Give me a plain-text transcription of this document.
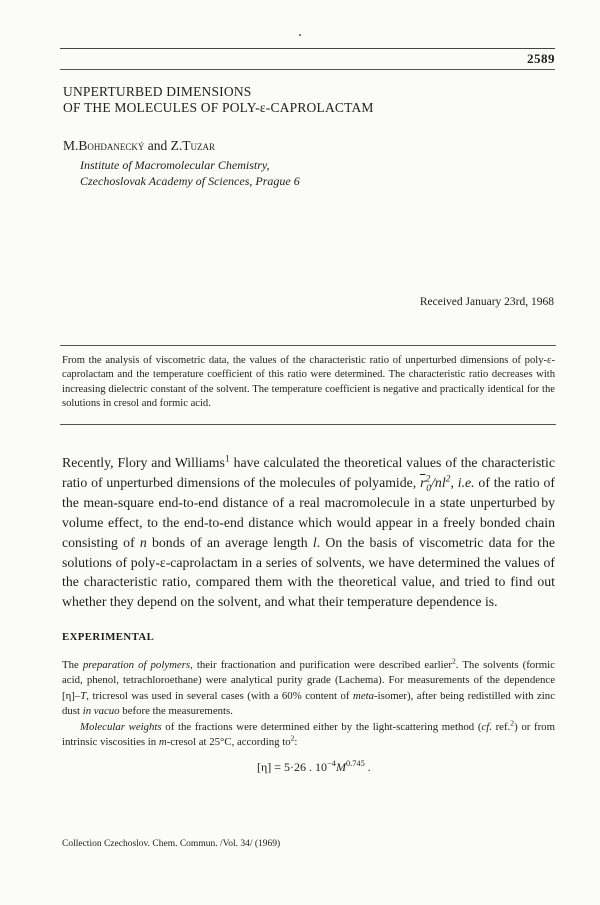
2589
UNPERTURBED DIMENSIONS
OF THE MOLECULES OF POLY-ε-CAPROLACTAM
M.Bohdanecký and Z.Tuzar
Institute of Macromolecular Chemistry,
Czechoslovak Academy of Sciences, Prague 6
Received January 23rd, 1968
From the analysis of viscometric data, the values of the characteristic ratio of unperturbed dimensions of poly-ε-caprolactam and the temperature coefficient of this ratio were determined. The characteristic ratio decreases with increasing dielectric constant of the solvent. The temperature coefficient is negative and practically identical for the solutions in cresol and formic acid.

Recently, Flory and Williams$^1$ have calculated the theoretical values of the characteristic ratio of unperturbed dimensions of the molecules of polyamide, $\overline{r}^2_0/nl^2$, i.e. of the ratio of the mean-square end-to-end distance of a real macromolecule in a state unperturbed by volume effect, to the end-to-end distance which would appear in a freely bonded chain consisting of n bonds of an average length l. On the basis of viscometric data for the solutions of poly-ε-caprolactam in a series of solvents, we have determined the values of the characteristic ratio, compared them with the theoretical value, and tried to find out whether they depend on the solvent, and what their temperature dependence is.

EXPERIMENTAL

The preparation of polymers, their fractionation and purification were described earlier$^2$. The solvents (formic acid, phenol, tetrachloroethane) were analytical purity grade (Lachema). For measurements of the dependence [η]–T, tricresol was used in several cases (with a 60% content of meta-isomer), after being redistilled with zinc dust in vacuo before the measurements.

Molecular weights of the fractions were determined either by the light-scattering method (cf. ref.$^2$) or from intrinsic viscosities in m-cresol at 25°C, according $to^2$:

[η] = 5·26 . $10^{-4}M^{0.745}$ .
Collection Czechoslov. Chem. Commun. /Vol. 34/ (1969)
